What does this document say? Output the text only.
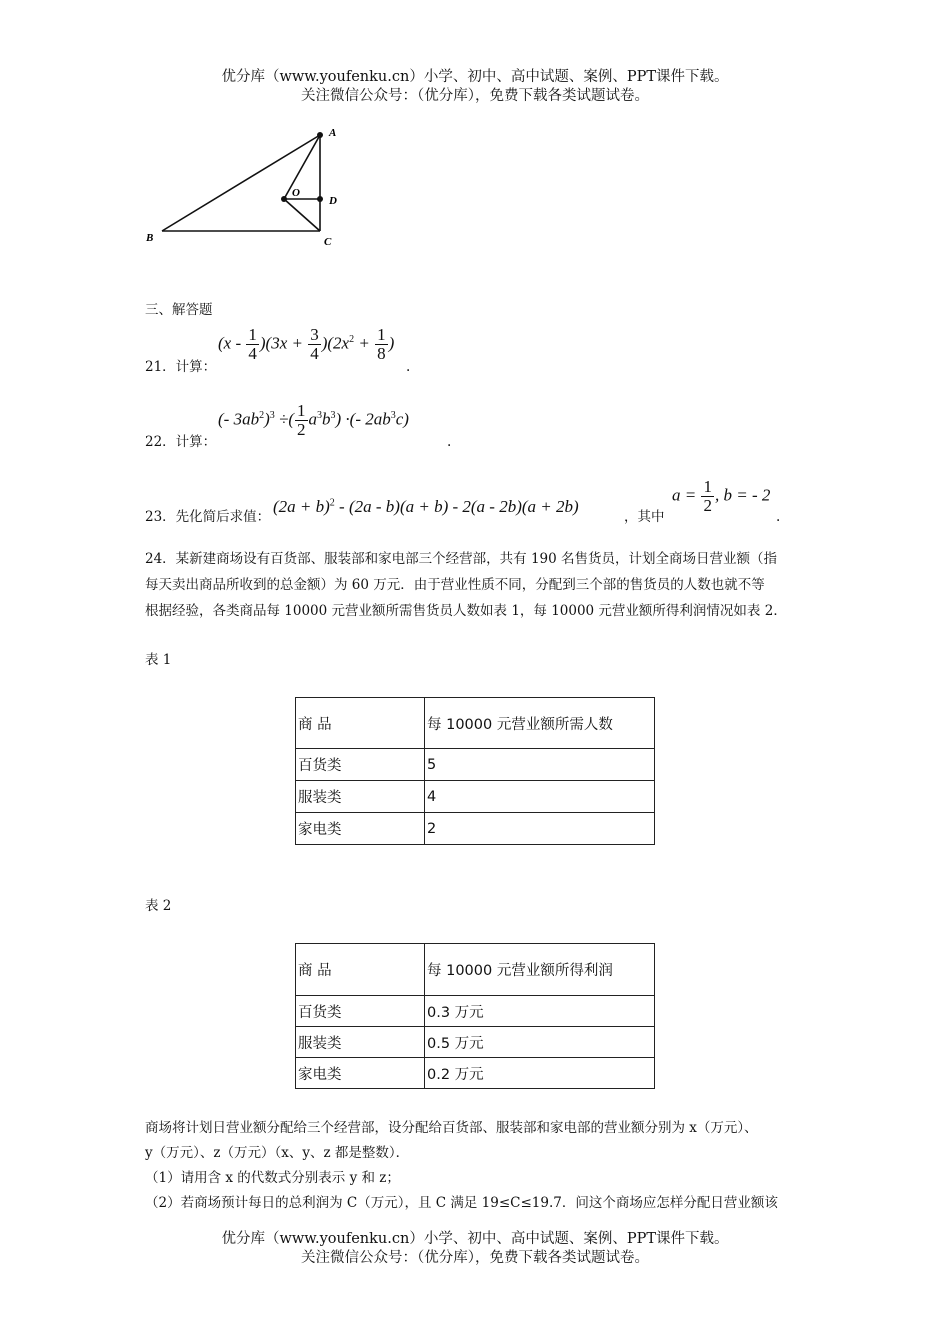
优分库（www.youfenku.cn）小学、初中、高中试题、案例、PPT课件下载。
关注微信公众号：（优分库），免费下载各类试题试卷。
A
O
D
B	C
三、解答题
21．计算：
$(x - \frac{1}{4} )(3x + \frac{3}{4} )(2x^2 + \frac{1}{8}$ )
.
22．计算：
(- $3ab^2)^3$ ÷( $\frac{1}{2} a^3b^3$) ·(- $2ab^3c$)
.
23．先化简后求值：
$(2a + b)^2 - (2a - b)(a + b) - 2(a - 2b)(a + 2b)$
，其中
$a = \frac{1}{2}$ , b = - 2
.
24．某新建商场设有百货部、服装部和家电部三个经营部，共有 190 名售货员，计划全商场日营业额（指
每天卖出商品所收到的总金额）为 60 万元．由于营业性质不同，分配到三个部的售货员的人数也就不等
根据经验，各类商品每 10000 元营业额所需售货员人数如表 1，每 10000 元营业额所得利润情况如表 2．
表 1
商 品	每 10000 元营业额所需人数
百货类	5
服装类	4
家电类	2
表 2
商 品	每 10000 元营业额所得利润
百货类	0.3 万元
服装类	0.5 万元
家电类	0.2 万元
商场将计划日营业额分配给三个经营部，设分配给百货部、服装部和家电部的营业额分别为 x（万元）、
y（万元）、z（万元）（x、y、z 都是整数）．
（1）请用含 x 的代数式分别表示 y 和 z；
（2）若商场预计每日的总利润为 C（万元），且 C 满足 19≤C≤19.7．问这个商场应怎样分配日营业额该
优分库（www.youfenku.cn）小学、初中、高中试题、案例、PPT课件下载。
关注微信公众号：（优分库），免费下载各类试题试卷。
